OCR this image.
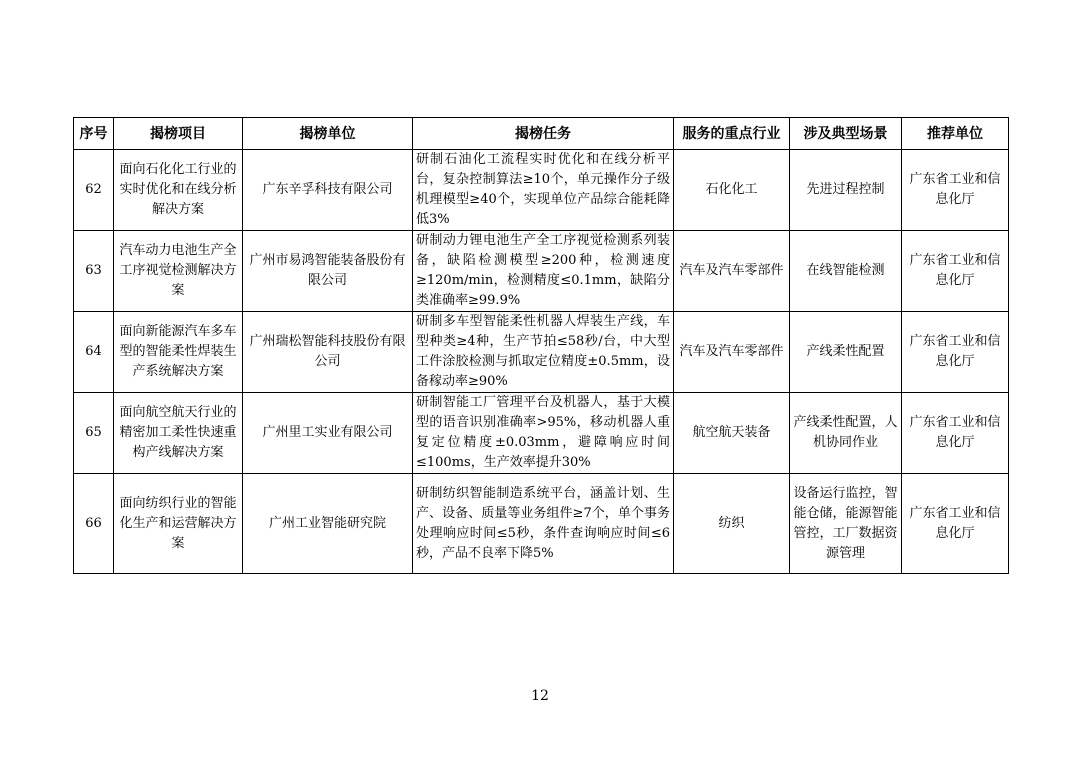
序号	揭榜项目	揭榜单位	揭榜任务	服务的重点行业	涉及典型场景	推荐单位
62	面向石化化工行业的实时优化和在线分析解决方案	广东辛孚科技有限公司	研制石油化工流程实时优化和在线分析平台，复杂控制算法≥10个，单元操作分子级机理模型≥40个，实现单位产品综合能耗降低3%	石化化工	先进过程控制	广东省工业和信息化厅
63	汽车动力电池生产全工序视觉检测解决方案	广州市易鸿智能装备股份有限公司	研制动力锂电池生产全工序视觉检测系列装备，缺陷检测模型≥200种，检测速度≥120m/min，检测精度≤0.1mm，缺陷分类准确率≥99.9%	汽车及汽车零部件	在线智能检测	广东省工业和信息化厅
64	面向新能源汽车多车型的智能柔性焊装生产系统解决方案	广州瑞松智能科技股份有限公司	研制多车型智能柔性机器人焊装生产线，车型种类≥4种，生产节拍≤58秒/台，中大型工件涂胶检测与抓取定位精度±0.5mm，设备稼动率≥90%	汽车及汽车零部件	产线柔性配置	广东省工业和信息化厅
65	面向航空航天行业的精密加工柔性快速重构产线解决方案	广州里工实业有限公司	研制智能工厂管理平台及机器人，基于大模型的语音识别准确率>95%，移动机器人重复定位精度±0.03mm，避障响应时间≤100ms，生产效率提升30%	航空航天装备	产线柔性配置，人机协同作业	广东省工业和信息化厅
66	面向纺织行业的智能化生产和运营解决方案	广州工业智能研究院	研制纺织智能制造系统平台，涵盖计划、生产、设备、质量等业务组件≥7个，单个事务处理响应时间≤5秒，条件查询响应时间≤6秒，产品不良率下降5%	纺织	设备运行监控，智能仓储，能源智能管控，工厂数据资源管理	广东省工业和信息化厅
12
